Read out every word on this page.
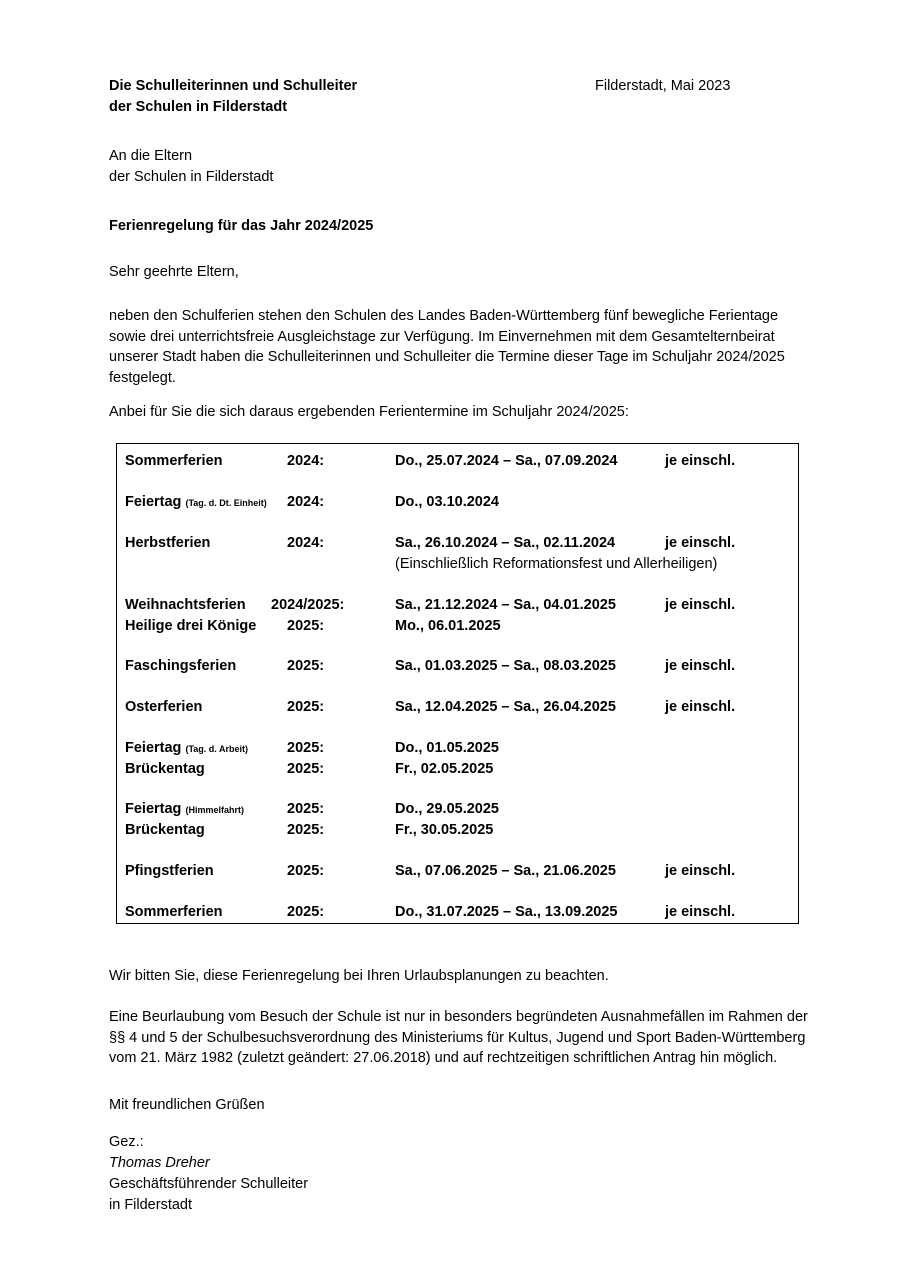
Die Schulleiterinnen und Schulleiter
der Schulen in Filderstadt
Filderstadt, Mai 2023
An die Eltern
der Schulen in Filderstadt
Ferienregelung für das Jahr 2024/2025
Sehr geehrte Eltern,
neben den Schulferien stehen den Schulen des Landes Baden-Württemberg fünf bewegliche Ferientage sowie drei unterrichtsfreie Ausgleichstage zur Verfügung. Im Einvernehmen mit dem Gesamtelternbeirat unserer Stadt haben die Schulleiterinnen und Schulleiter die Termine dieser Tage im Schuljahr 2024/2025 festgelegt.
Anbei für Sie die sich daraus ergebenden Ferientermine im Schuljahr 2024/2025:
Sommerferien	2024:	Do., 25.07.2024 – Sa., 07.09.2024	je einschl.
Feiertag (Tag. d. Dt. Einheit) 2024:	Do., 03.10.2024
Herbstferien	2024:	Sa., 26.10.2024 – Sa., 02.11.2024	je einschl.
(Einschließlich Reformationsfest und Allerheiligen)
Weihnachtsferien 2024/2025:	Sa., 21.12.2024 – Sa., 04.01.2025	je einschl.
Heilige drei Könige 2025:	Mo., 06.01.2025
Faschingsferien	2025:	Sa., 01.03.2025 – Sa., 08.03.2025	je einschl.
Osterferien	2025:	Sa., 12.04.2025 – Sa., 26.04.2025	je einschl.
Feiertag (Tag. d. Arbeit)	2025:	Do., 01.05.2025
Brückentag	2025:	Fr., 02.05.2025
Feiertag (Himmelfahrt)	2025:	Do., 29.05.2025
Brückentag	2025:	Fr., 30.05.2025
Pfingstferien	2025:	Sa., 07.06.2025 – Sa., 21.06.2025	je einschl.
Sommerferien	2025:	Do., 31.07.2025 – Sa., 13.09.2025	je einschl.
Wir bitten Sie, diese Ferienregelung bei Ihren Urlaubsplanungen zu beachten.
Eine Beurlaubung vom Besuch der Schule ist nur in besonders begründeten Ausnahmefällen im Rahmen der §§ 4 und 5 der Schulbesuchsverordnung des Ministeriums für Kultus, Jugend und Sport Baden-Württemberg vom 21. März 1982 (zuletzt geändert: 27.06.2018) und auf rechtzeitigen schriftlichen Antrag hin möglich.
Mit freundlichen Grüßen
Gez.:
Thomas Dreher
Geschäftsführender Schulleiter
in Filderstadt
